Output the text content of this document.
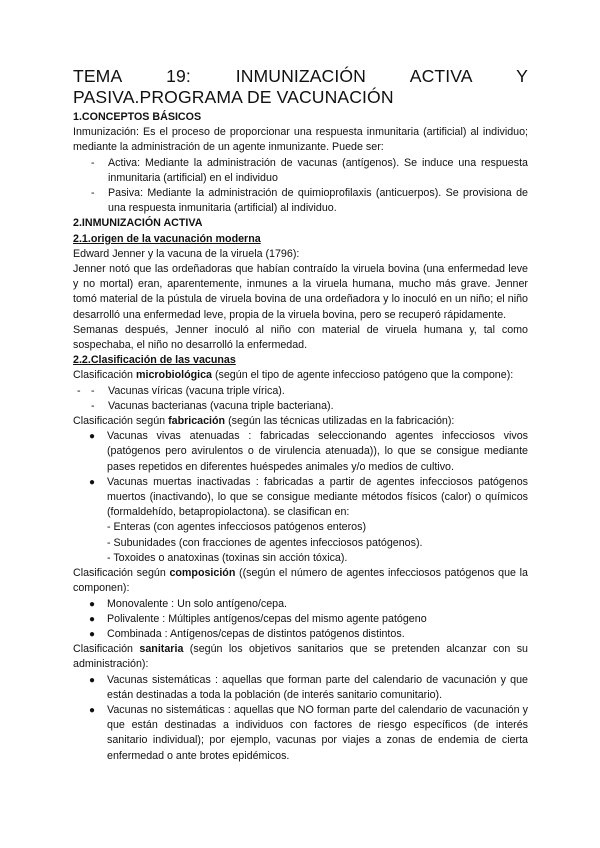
TEMA 19: INMUNIZACIÓN ACTIVA Y PASIVA.PROGRAMA DE VACUNACIÓN
1.CONCEPTOS BÁSICOS

Inmunización: Es el proceso de proporcionar una respuesta inmunitaria (artificial) al individuo; mediante la administración de un agente inmunizante. Puede ser:

- Activa: Mediante la administración de vacunas (antígenos). Se induce una respuesta inmunitaria (artificial) en el individuo
- Pasiva: Mediante la administración de quimioprofilaxis (anticuerpos). Se provisiona de una respuesta inmunitaria (artificial) al individuo.
2.INMUNIZACIÓN ACTIVA
2.1.origen de la vacunación moderna

Edward Jenner y la vacuna de la viruela (1796):

Jenner notó que las ordeñadoras que habían contraído la viruela bovina (una enfermedad leve y no mortal) eran, aparentemente, inmunes a la viruela humana, mucho más grave. Jenner tomó material de la pústula de viruela bovina de una ordeñadora y lo inoculó en un niño; el niño desarrolló una enfermedad leve, propia de la viruela bovina, pero se recuperó rápidamente.

Semanas después, Jenner inoculó al niño con material de viruela humana y, tal como sospechaba, el niño no desarrolló la enfermedad.

2.2.Clasificación de las vacunas

Clasificación microbiológica (según el tipo de agente infeccioso patógeno que la compone):

- - Vacunas víricas (vacuna triple vírica).
- Vacunas bacterianas (vacuna triple bacteriana).

Clasificación según fabricación (según las técnicas utilizadas en la fabricación):

● Vacunas vivas atenuadas : fabricadas seleccionando agentes infecciosos vivos (patógenos pero avirulentos o de virulencia atenuada)), lo que se consigue mediante pases repetidos en diferentes huéspedes animales y/o medios de cultivo.
● Vacunas muertas inactivadas : fabricadas a partir de agentes infecciosos patógenos muertos (inactivando), lo que se consigue mediante métodos físicos (calor) o químicos (formaldehído, betapropiolactona). se clasifican en:
- Enteras (con agentes infecciosos patógenos enteros)
- Subunidades (con fracciones de agentes infecciosos patógenos).
- Toxoides o anatoxinas (toxinas sin acción tóxica).

Clasificación según composición ((según el número de agentes infecciosos patógenos que la componen):

● Monovalente : Un solo antígeno/cepa.
● Polivalente : Múltiples antígenos/cepas del mismo agente patógeno
● Combinada : Antígenos/cepas de distintos patógenos distintos.

Clasificación sanitaria (según los objetivos sanitarios que se pretenden alcanzar con su administración):

● Vacunas sistemáticas : aquellas que forman parte del calendario de vacunación y que están destinadas a toda la población (de interés sanitario comunitario).
● Vacunas no sistemáticas : aquellas que NO forman parte del calendario de vacunación y que están destinadas a individuos con factores de riesgo específicos (de interés sanitario individual); por ejemplo, vacunas por viajes a zonas de endemia de cierta enfermedad o ante brotes epidémicos.
